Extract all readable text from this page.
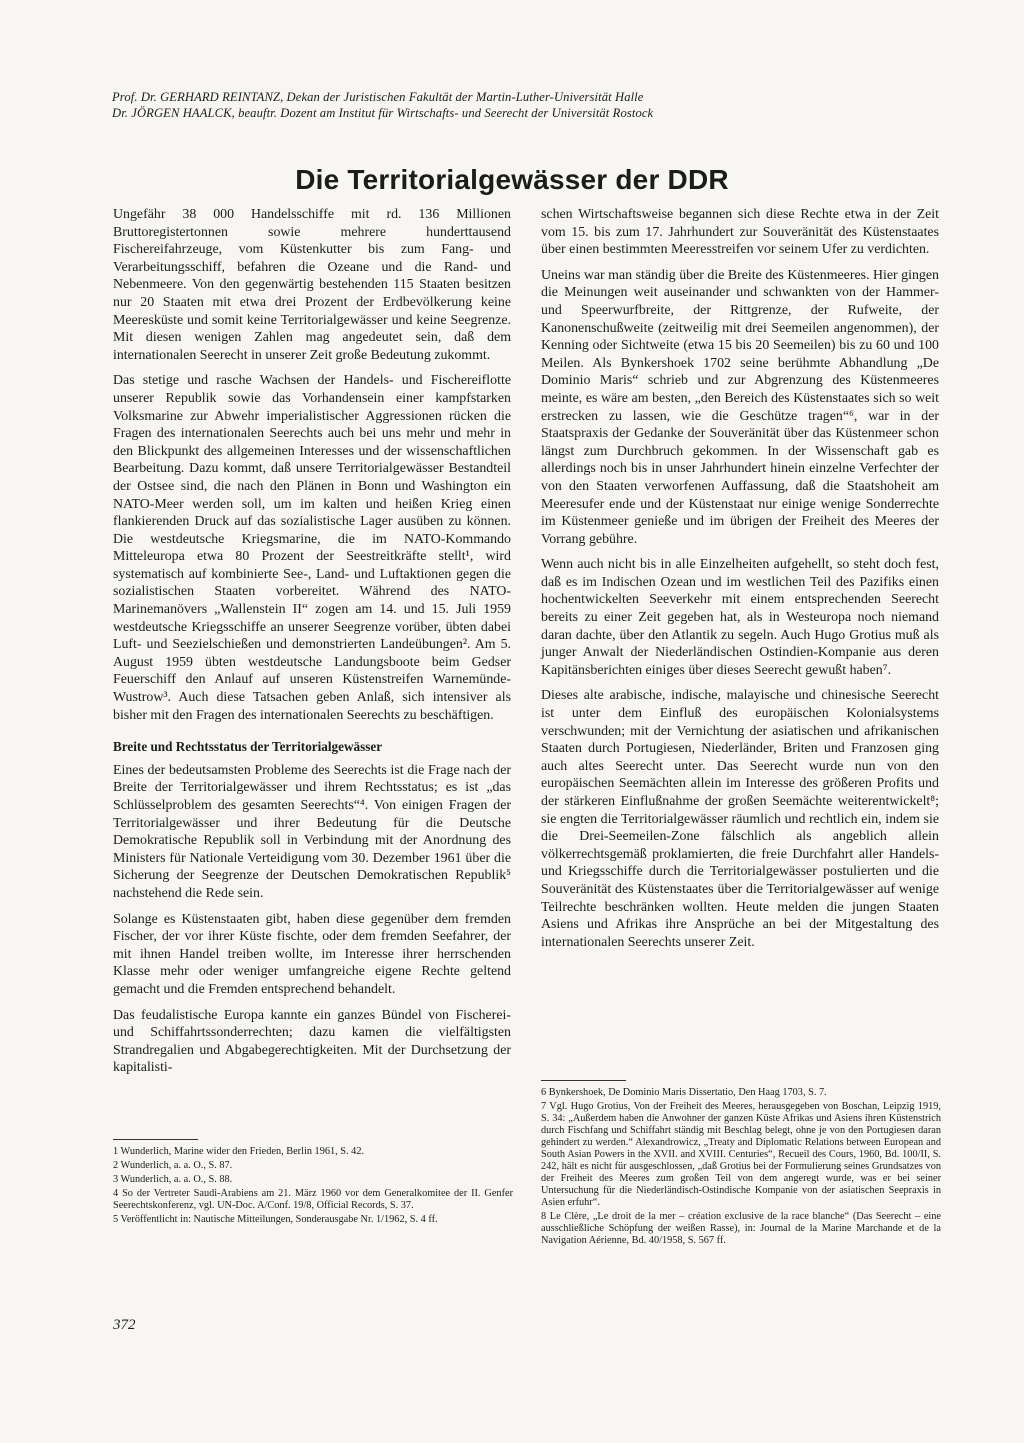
Prof. Dr. GERHARD REINTANZ, Dekan der Juristischen Fakultät der Martin-Luther-Universität Halle
Dr. JÖRGEN HAALCK, beauftr. Dozent am Institut für Wirtschafts- und Seerecht der Universität Rostock
Die Territorialgewässer der DDR

Ungefähr 38 000 Handelsschiffe mit rd. 136 Millionen Bruttoregistertonnen sowie mehrere hunderttausend Fischereifahrzeuge, vom Küstenkutter bis zum Fang- und Verarbeitungsschiff, befahren die Ozeane und die Rand- und Nebenmeere. Von den gegenwärtig bestehenden 115 Staaten besitzen nur 20 Staaten mit etwa drei Prozent der Erdbevölkerung keine Meeresküste und somit keine Territorialgewässer und keine Seegrenze. Mit diesen wenigen Zahlen mag angedeutet sein, daß dem internationalen Seerecht in unserer Zeit große Bedeutung zukommt.

Das stetige und rasche Wachsen der Handels- und Fischereiflotte unserer Republik sowie das Vorhandensein einer kampfstarken Volksmarine zur Abwehr imperialistischer Aggressionen rücken die Fragen des internationalen Seerechts auch bei uns mehr und mehr in den Blickpunkt des allgemeinen Interesses und der wissenschaftlichen Bearbeitung. Dazu kommt, daß unsere Territorialgewässer Bestandteil der Ostsee sind, die nach den Plänen in Bonn und Washington ein NATO-Meer werden soll, um im kalten und heißen Krieg einen flankierenden Druck auf das sozialistische Lager ausüben zu können. Die westdeutsche Kriegsmarine, die im NATO-Kommando Mitteleuropa etwa 80 Prozent der Seestreitkräfte stellt¹, wird systematisch auf kombinierte See-, Land- und Luftaktionen gegen die sozialistischen Staaten vorbereitet. Während des NATO-Marinemanövers „Wallenstein II“ zogen am 14. und 15. Juli 1959 westdeutsche Kriegsschiffe an unserer Seegrenze vorüber, übten dabei Luft- und Seezielschießen und demonstrierten Landeübungen². Am 5. August 1959 übten westdeutsche Landungsboote beim Gedser Feuerschiff den Anlauf auf unseren Küstenstreifen Warnemünde-Wustrow³. Auch diese Tatsachen geben Anlaß, sich intensiver als bisher mit den Fragen des internationalen Seerechts zu beschäftigen.

Breite und Rechtsstatus der Territorialgewässer

Eines der bedeutsamsten Probleme des Seerechts ist die Frage nach der Breite der Territorialgewässer und ihrem Rechtsstatus; es ist „das Schlüsselproblem des gesamten Seerechts“⁴. Von einigen Fragen der Territorialgewässer und ihrer Bedeutung für die Deutsche Demokratische Republik soll in Verbindung mit der Anordnung des Ministers für Nationale Verteidigung vom 30. Dezember 1961 über die Sicherung der Seegrenze der Deutschen Demokratischen Republik⁵ nachstehend die Rede sein.

Solange es Küstenstaaten gibt, haben diese gegenüber dem fremden Fischer, der vor ihrer Küste fischte, oder dem fremden Seefahrer, der mit ihnen Handel treiben wollte, im Interesse ihrer herrschenden Klasse mehr oder weniger umfangreiche eigene Rechte geltend gemacht und die Fremden entsprechend behandelt.

Das feudalistische Europa kannte ein ganzes Bündel von Fischerei- und Schiffahrtssonderrechten; dazu kamen die vielfältigsten Strandregalien und Abgabegerechtigkeiten. Mit der Durchsetzung der kapitalisti-

schen Wirtschaftsweise begannen sich diese Rechte etwa in der Zeit vom 15. bis zum 17. Jahrhundert zur Souveränität des Küstenstaates über einen bestimmten Meeresstreifen vor seinem Ufer zu verdichten.

Uneins war man ständig über die Breite des Küstenmeeres. Hier gingen die Meinungen weit auseinander und schwankten von der Hammer- und Speerwurfbreite, der Rittgrenze, der Rufweite, der Kanonenschußweite (zeitweilig mit drei Seemeilen angenommen), der Kenning oder Sichtweite (etwa 15 bis 20 Seemeilen) bis zu 60 und 100 Meilen. Als Bynkershoek 1702 seine berühmte Abhandlung „De Dominio Maris“ schrieb und zur Abgrenzung des Küstenmeeres meinte, es wäre am besten, „den Bereich des Küstenstaates sich so weit erstrecken zu lassen, wie die Geschütze tragen“⁶, war in der Staatspraxis der Gedanke der Souveränität über das Küstenmeer schon längst zum Durchbruch gekommen. In der Wissenschaft gab es allerdings noch bis in unser Jahrhundert hinein einzelne Verfechter der von den Staaten verworfenen Auffassung, daß die Staatshoheit am Meeresufer ende und der Küstenstaat nur einige wenige Sonderrechte im Küstenmeer genieße und im übrigen der Freiheit des Meeres der Vorrang gebühre.

Wenn auch nicht bis in alle Einzelheiten aufgehellt, so steht doch fest, daß es im Indischen Ozean und im westlichen Teil des Pazifiks einen hochentwickelten Seeverkehr mit einem entsprechenden Seerecht bereits zu einer Zeit gegeben hat, als in Westeuropa noch niemand daran dachte, über den Atlantik zu segeln. Auch Hugo Grotius muß als junger Anwalt der Niederländischen Ostindien-Kompanie aus deren Kapitänsberichten einiges über dieses Seerecht gewußt haben⁷.

Dieses alte arabische, indische, malayische und chinesische Seerecht ist unter dem Einfluß des europäischen Kolonialsystems verschwunden; mit der Vernichtung der asiatischen und afrikanischen Staaten durch Portugiesen, Niederländer, Briten und Franzosen ging auch altes Seerecht unter. Das Seerecht wurde nun von den europäischen Seemächten allein im Interesse des größeren Profits und der stärkeren Einflußnahme der großen Seemächte weiterentwickelt⁸; sie engten die Territorialgewässer räumlich und rechtlich ein, indem sie die Drei-Seemeilen-Zone fälschlich als angeblich allein völkerrechtsgemäß proklamierten, die freie Durchfahrt aller Handels- und Kriegsschiffe durch die Territorialgewässer postulierten und die Souveränität des Küstenstaates über die Territorialgewässer auf wenige Teilrechte beschränken wollten. Heute melden die jungen Staaten Asiens und Afrikas ihre Ansprüche an bei der Mitgestaltung des internationalen Seerechts unserer Zeit.

1 Wunderlich, Marine wider den Frieden, Berlin 1961, S. 42.

2 Wunderlich, a. a. O., S. 87.

3 Wunderlich, a. a. O., S. 88.

4 So der Vertreter Saudi-Arabiens am 21. März 1960 vor dem Generalkomitee der II. Genfer Seerechtskonferenz, vgl. UN-Doc. A/Conf. 19/8, Official Records, S. 37.

5 Veröffentlicht in: Nautische Mitteilungen, Sonderausgabe Nr. 1/1962, S. 4 ff.

6 Bynkershoek, De Dominio Maris Dissertatio, Den Haag 1703, S. 7.

7 Vgl. Hugo Grotius, Von der Freiheit des Meeres, herausgegeben von Boschan, Leipzig 1919, S. 34: „Außerdem haben die Anwohner der ganzen Küste Afrikas und Asiens ihren Küstenstrich durch Fischfang und Schiffahrt ständig mit Beschlag belegt, ohne je von den Portugiesen daran gehindert zu werden.“ Alexandrowicz, „Treaty and Diplomatic Relations between European and South Asian Powers in the XVII. and XVIII. Centuries“, Recueil des Cours, 1960, Bd. 100/II, S. 242, hält es nicht für ausgeschlossen, „daß Grotius bei der Formulierung seines Grundsatzes von der Freiheit des Meeres zum großen Teil von dem angeregt wurde, was er bei seiner Untersuchung für die Niederländisch-Ostindische Kompanie von der asiatischen Seepraxis in Asien erfuhr“.

8 Le Clère, „Le droit de la mer – création exclusive de la race blanche“ (Das Seerecht – eine ausschließliche Schöpfung der weißen Rasse), in: Journal de la Marine Marchande et de la Navigation Aérienne, Bd. 40/1958, S. 567 ff.

372
